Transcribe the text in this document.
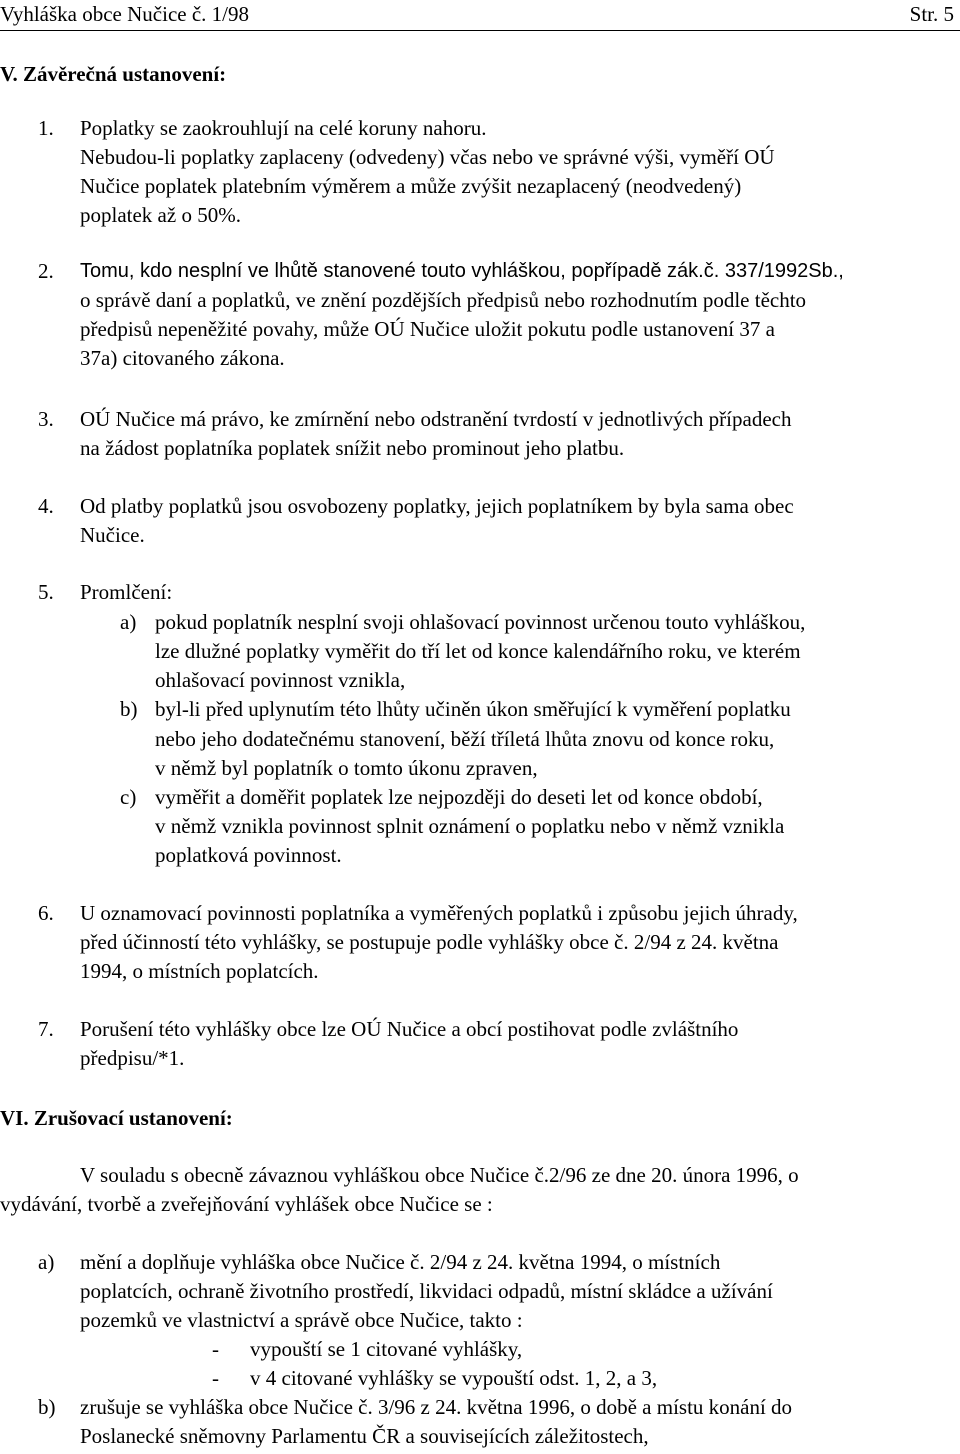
Vyhláška obce Nučice č. 1/98	Str. 5
V. Závěrečná ustanovení:
1. Poplatky se zaokrouhlují na celé koruny nahoru.
Nebudou-li poplatky zaplaceny (odvedeny) včas nebo ve správné výši, vyměří OÚ
Nučice poplatek platebním výměrem a může zvýšit nezaplacený (neodvedený)
poplatek až o 50%.
2. Tomu, kdo nesplní ve lhůtě stanovené touto vyhláškou, popřípadě zák.č. 337/1992Sb.,
o správě daní a poplatků, ve znění pozdějších předpisů nebo rozhodnutím podle těchto
předpisů nepeněžité povahy, může OÚ Nučice uložit pokutu podle ustanovení 37 a
37a) citovaného zákona.
3. OÚ Nučice má právo, ke zmírnění nebo odstranění tvrdostí v jednotlivých případech
na žádost poplatníka poplatek snížit nebo prominout jeho platbu.
4. Od platby poplatků jsou osvobozeny poplatky, jejich poplatníkem by byla sama obec
Nučice.
5. Promlčení:
a) pokud poplatník nesplní svoji ohlašovací povinnost určenou touto vyhláškou,
lze dlužné poplatky vyměřit do tří let od konce kalendářního roku, ve kterém
ohlašovací povinnost vznikla,
b) byl-li před uplynutím této lhůty učiněn úkon směřující k vyměření poplatku
nebo jeho dodatečnému stanovení, běží tříletá lhůta znovu od konce roku,
v němž byl poplatník o tomto úkonu zpraven,
c) vyměřit a doměřit poplatek lze nejpozději do deseti let od konce období,
v němž vznikla povinnost splnit oznámení o poplatku nebo v němž vznikla
poplatková povinnost.
6. U oznamovací povinnosti poplatníka a vyměřených poplatků i způsobu jejich úhrady,
před účinností této vyhlášky, se postupuje podle vyhlášky obce č. 2/94 z 24. května
1994, o místních poplatcích.
7. Porušení této vyhlášky obce lze OÚ Nučice a obcí postihovat podle zvláštního
předpisu/*1.
VI. Zrušovací ustanovení:
V souladu s obecně závaznou vyhláškou obce Nučice č.2/96 ze dne 20. února 1996, o
vydávání, tvorbě a zveřejňování vyhlášek obce Nučice se :
a) mění a doplňuje vyhláška obce Nučice č. 2/94 z 24. května 1994, o místních
poplatcích, ochraně životního prostředí, likvidaci odpadů, místní skládce a užívání
pozemků ve vlastnictví a správě obce Nučice, takto :
- vypouští se 1 citované vyhlášky,
- v 4 citované vyhlášky se vypouští odst. 1, 2, a 3,
b) zrušuje se vyhláška obce Nučice č. 3/96 z 24. května 1996, o době a místu konání do
Poslanecké sněmovny Parlamentu ČR a souvisejících záležitostech,
